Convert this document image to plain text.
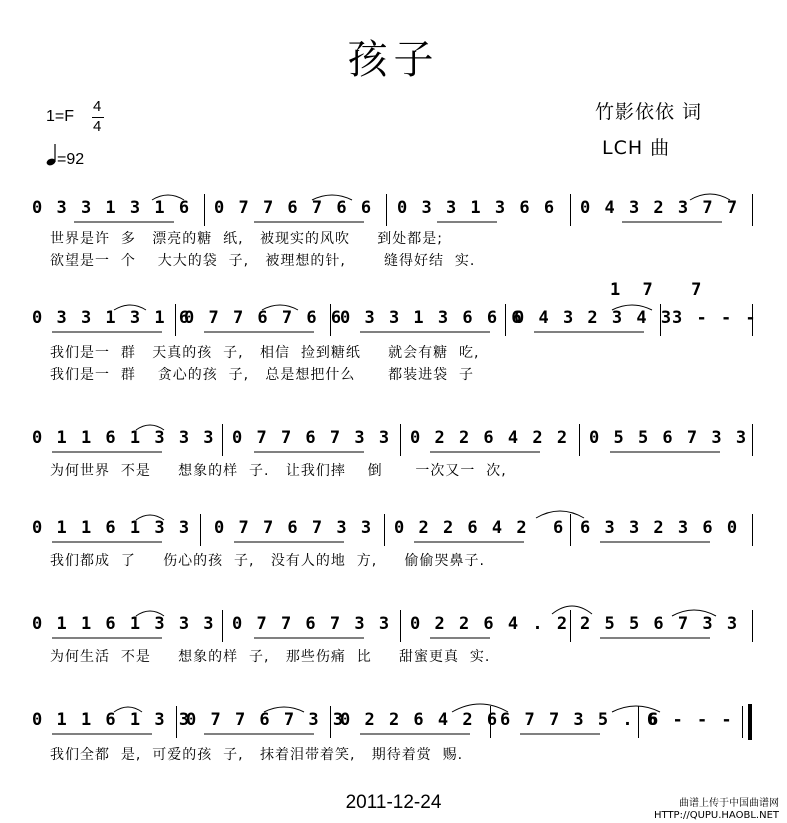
孩子
1=F
4
4
=92
竹影依依 词
LCH 曲
0 3 3 1 3 1 6 0 7 7 6 7 6 6 0 3 3 1 3 6 6 0 4 3 2 3 7 7
世界是许  多   漂亮的糖  纸,   被现实的风吹     到处都是;
欲望是一  个    大大的袋  子,   被理想的针,       缝得好结  实.
1 7  7
0 3 3 1 3 1 6
0 7 7 6 7 6 6
0 3 3 1 3 6 6 6
0 4 3 2 3 4 3
3 - - -
我们是一  群   天真的孩  子,   相信  捡到糖纸     就会有糖  吃,
我们是一  群    贪心的孩  子,   总是想把什么      都装进袋  子
0 1 1 6 1 3 3 3 0 7 7 6 7 3 3 0 2 2 6 4 2 2 0 5 5 6 7 3 3
为何世界  不是     想象的样  子.   让我们摔    倒      一次又一  次,
0 1 1 6 1 3 3 0 7 7 6 7 3 3 0 2 2 6 4 2  6 6 3 3 2 3 6 0
我们都成  了     伤心的孩  子,   没有人的地  方,     偷偷哭鼻子.
0 1 1 6 1 3 3 3 0 7 7 6 7 3 3 0 2 2 6 4 . 2 2 5 5 6 7 3 3
为何生活  不是     想象的样  子,   那些伤痛  比     甜蜜更真  实.
0 1 1 6 1 3 3
0 7 7 6 7 3 3
0 2 2 6 4 2 6 6 7 7 3 5 . 6
6 - - -
我们全都  是,  可爱的孩  子,   抹着泪带着笑,   期待着赏  赐.
2011-12-24	曲谱上传于中国曲谱网
HTTP://QUPU.HAOBL.NET
